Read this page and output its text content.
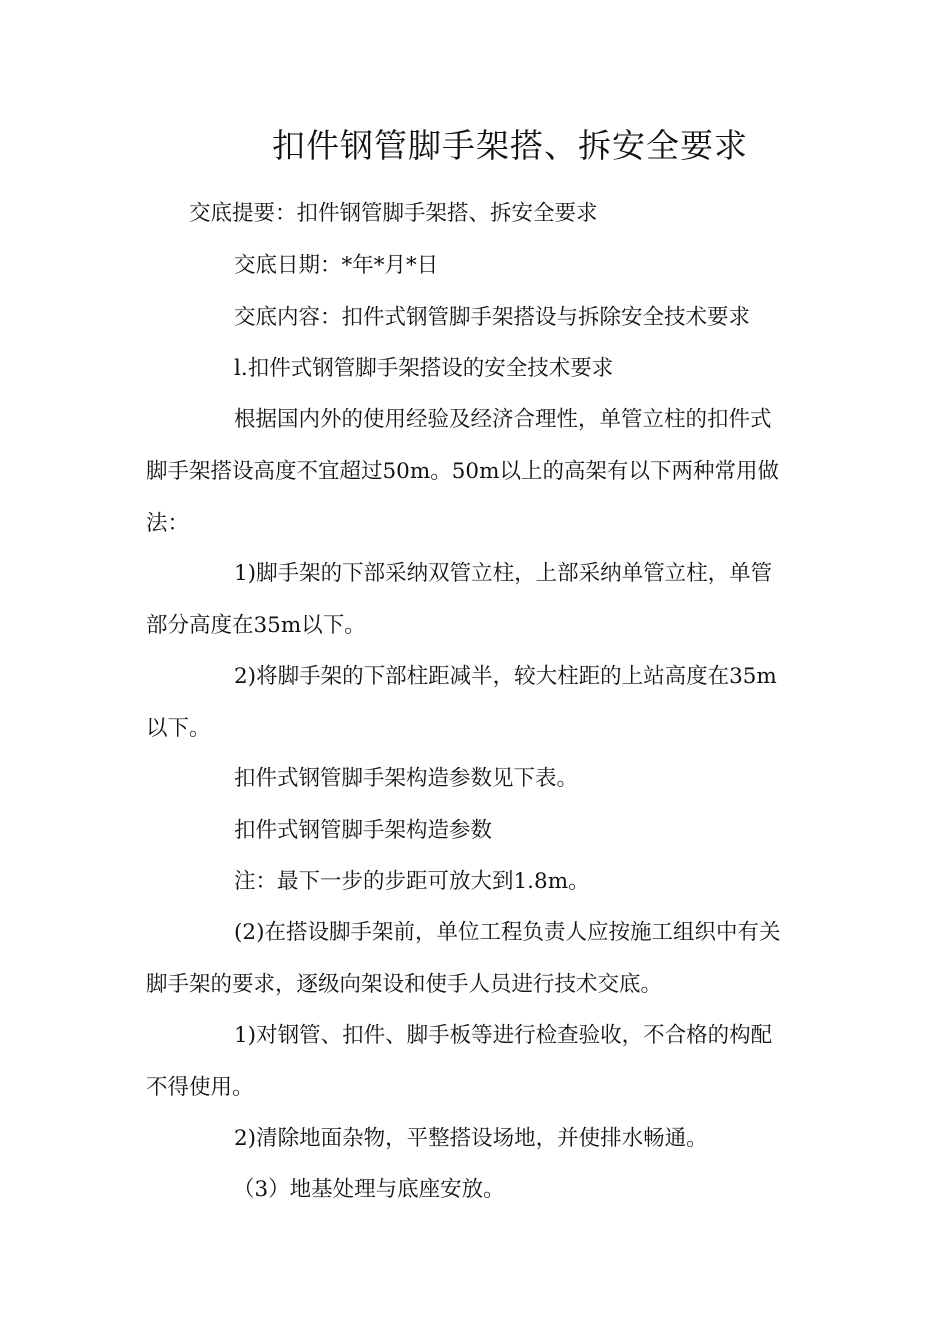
扣件钢管脚手架搭、拆安全要求
交底提要：扣件钢管脚手架搭、拆安全要求
交底日期：*年*月*日
交底内容：扣件式钢管脚手架搭设与拆除安全技术要求
l.扣件式钢管脚手架搭设的安全技术要求
根据国内外的使用经验及经济合理性，单管立柱的扣件式
脚手架搭设高度不宜超过50m。50m以上的高架有以下两种常用做
法：
1)脚手架的下部采纳双管立柱，上部采纳单管立柱，单管
部分高度在35m以下。
2)将脚手架的下部柱距减半，较大柱距的上站高度在35m
以下。
扣件式钢管脚手架构造参数见下表。
扣件式钢管脚手架构造参数
注：最下一步的步距可放大到1.8m。
(2)在搭设脚手架前，单位工程负责人应按施工组织中有关
脚手架的要求，逐级向架设和使手人员进行技术交底。
1)对钢管、扣件、脚手板等进行检查验收，不合格的构配
不得使用。
2)清除地面杂物，平整搭设场地，并使排水畅通。
（3）地基处理与底座安放。
